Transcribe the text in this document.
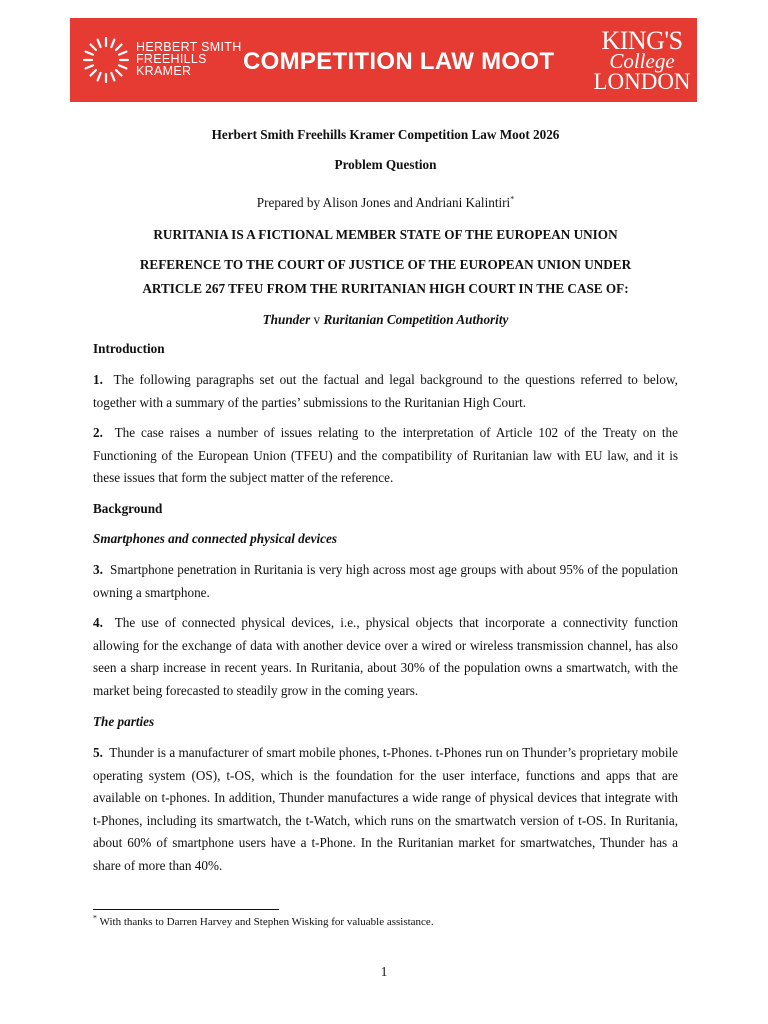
HERBERT SMITH
FREEHILLS
KRAMER	COMPETITION LAW MOOT
KING'S
College
LONDON
Herbert Smith Freehills Kramer Competition Law Moot 2026
Problem Question
Prepared by Alison Jones and Andriani Kalintiri*
RURITANIA IS A FICTIONAL MEMBER STATE OF THE EUROPEAN UNION
REFERENCE TO THE COURT OF JUSTICE OF THE EUROPEAN UNION UNDER
ARTICLE 267 TFEU FROM THE RURITANIAN HIGH COURT IN THE CASE OF:
Thunder v Ruritanian Competition Authority
Introduction
1. The following paragraphs set out the factual and legal background to the questions referred to below, together with a summary of the parties’ submissions to the Ruritanian High Court.
2. The case raises a number of issues relating to the interpretation of Article 102 of the Treaty on the Functioning of the European Union (TFEU) and the compatibility of Ruritanian law with EU law, and it is these issues that form the subject matter of the reference.
Background
Smartphones and connected physical devices
3. Smartphone penetration in Ruritania is very high across most age groups with about 95% of the population owning a smartphone.
4. The use of connected physical devices, i.e., physical objects that incorporate a connectivity function allowing for the exchange of data with another device over a wired or wireless transmission channel, has also seen a sharp increase in recent years. In Ruritania, about 30% of the population owns a smartwatch, with the market being forecasted to steadily grow in the coming years.
The parties
5. Thunder is a manufacturer of smart mobile phones, t-Phones. t-Phones run on Thunder’s proprietary mobile operating system (OS), t-OS, which is the foundation for the user interface, functions and apps that are available on t-phones. In addition, Thunder manufactures a wide range of physical devices that integrate with t-Phones, including its smartwatch, the t-Watch, which runs on the smartwatch version of t-OS. In Ruritania, about 60% of smartphone users have a t-Phone. In the Ruritanian market for smartwatches, Thunder has a share of more than 40%.
* With thanks to Darren Harvey and Stephen Wisking for valuable assistance.
1
